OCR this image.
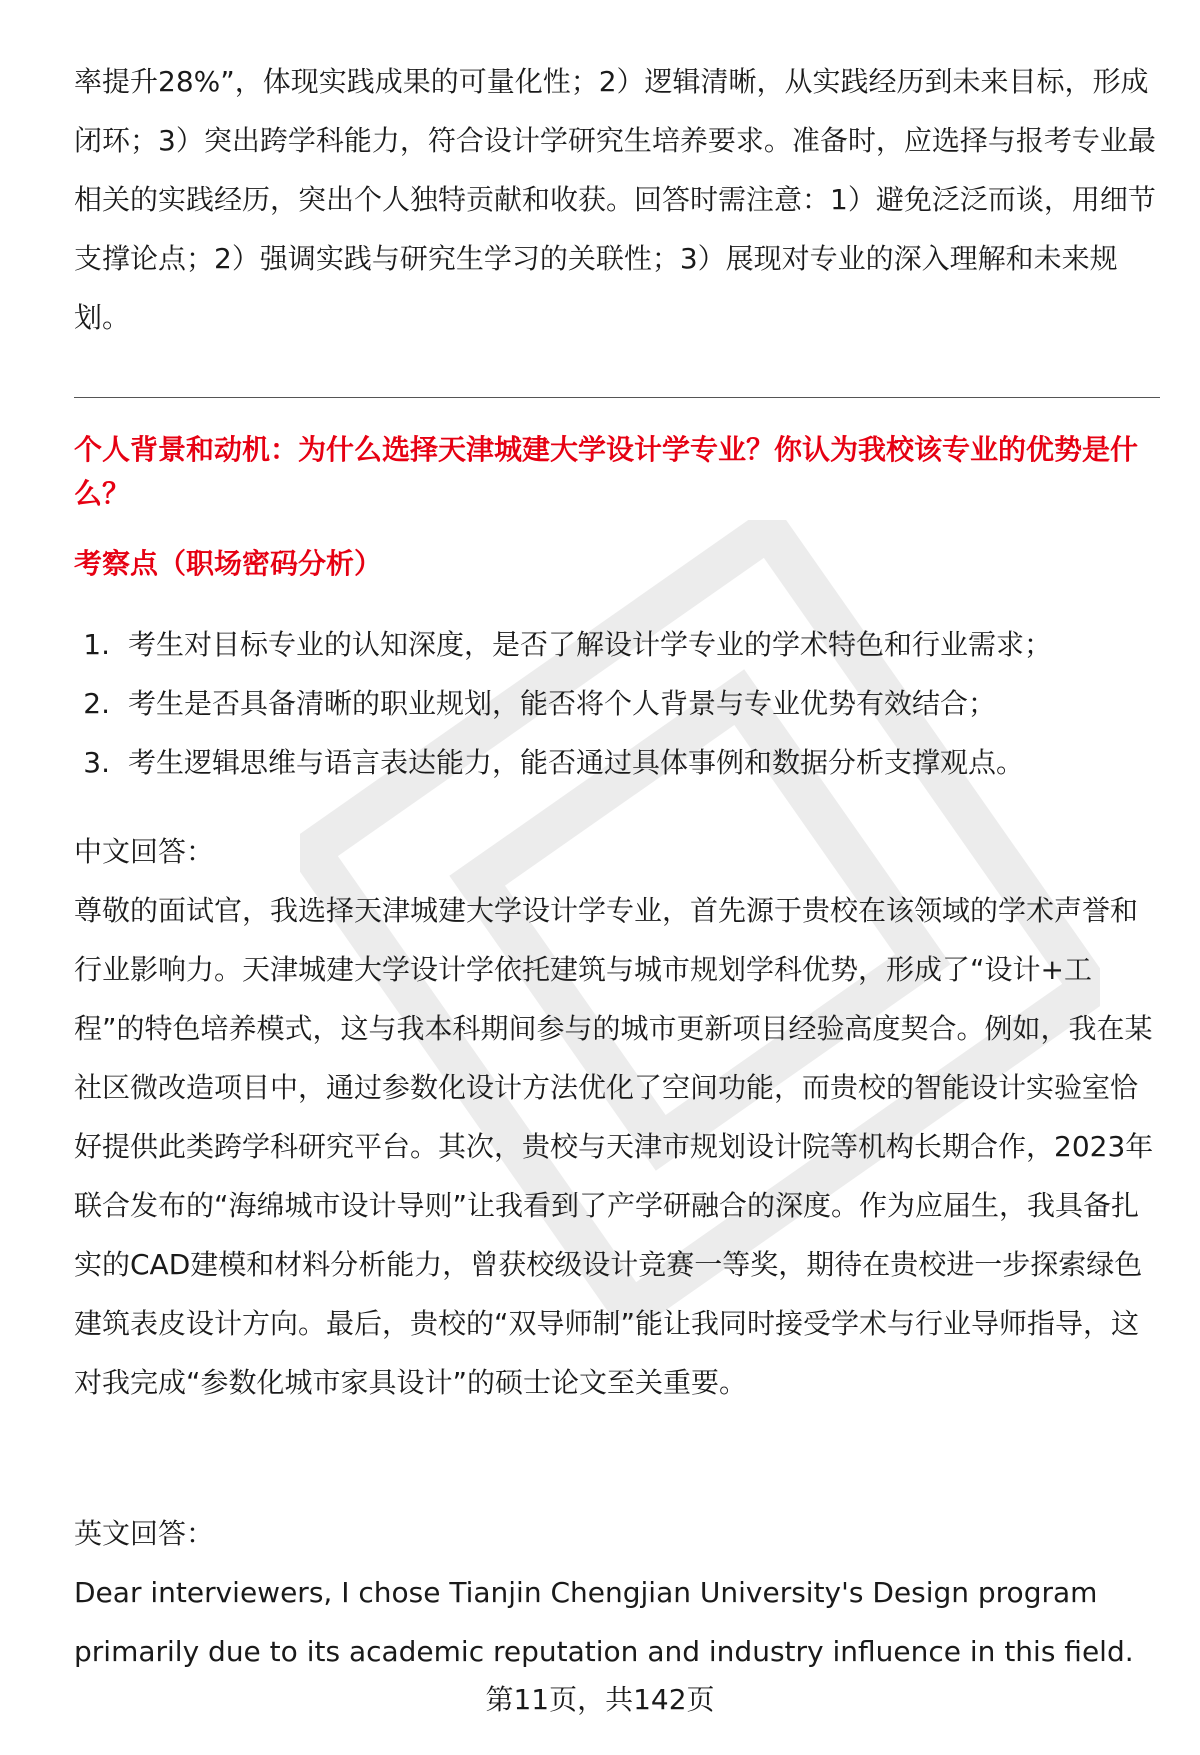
率提升28%”，体现实践成果的可量化性；2）逻辑清晰，从实践经历到未来目标，形成闭环；3）突出跨学科能力，符合设计学研究生培养要求。准备时，应选择与报考专业最相关的实践经历，突出个人独特贡献和收获。回答时需注意：1）避免泛泛而谈，用细节支撑论点；2）强调实践与研究生学习的关联性；3）展现对专业的深入理解和未来规划。

个人背景和动机：为什么选择天津城建大学设计学专业？你认为我校该专业的优势是什么？
考察点（职场密码分析）
1. 考生对目标专业的认知深度，是否了解设计学专业的学术特色和行业需求；
2. 考生是否具备清晰的职业规划，能否将个人背景与专业优势有效结合；
3. 考生逻辑思维与语言表达能力，能否通过具体事例和数据分析支撑观点。

中文回答：

尊敬的面试官，我选择天津城建大学设计学专业，首先源于贵校在该领域的学术声誉和行业影响力。天津城建大学设计学依托建筑与城市规划学科优势，形成了“设计+工程”的特色培养模式，这与我本科期间参与的城市更新项目经验高度契合。例如，我在某社区微改造项目中，通过参数化设计方法优化了空间功能，而贵校的智能设计实验室恰好提供此类跨学科研究平台。其次，贵校与天津市规划设计院等机构长期合作，2023年联合发布的“海绵城市设计导则”让我看到了产学研融合的深度。作为应届生，我具备扎实的CAD建模和材料分析能力，曾获校级设计竞赛一等奖，期待在贵校进一步探索绿色建筑表皮设计方向。最后，贵校的“双导师制”能让我同时接受学术与行业导师指导，这对我完成“参数化城市家具设计”的硕士论文至关重要。

英文回答：

Dear interviewers, I chose Tianjin Chengjian University's Design program primarily due to its academic reputation and industry influence in this field.

第11页，共142页
